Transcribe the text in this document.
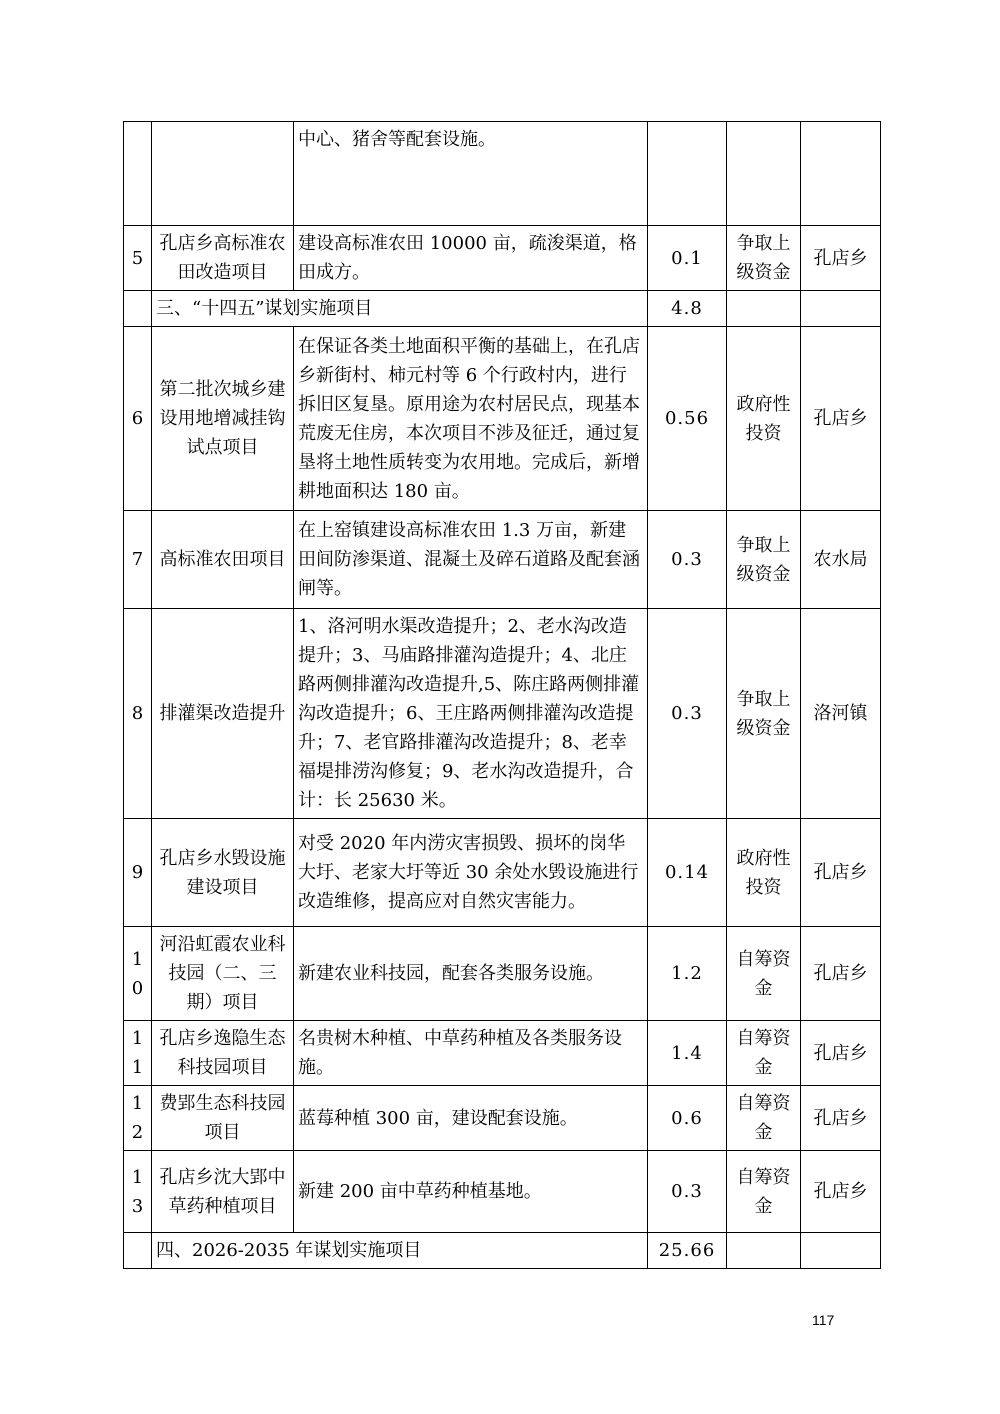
		中心、猪舍等配套设施。			
5	孔店乡高标准农田改造项目	建设高标准农田 10000 亩，疏浚渠道，格田成方。	0.1	争取上级资金	孔店乡
	三、“十四五”谋划实施项目		4.8		
6	第二批次城乡建设用地增减挂钩试点项目	在保证各类土地面积平衡的基础上，在孔店乡新街村、柿元村等 6 个行政村内，进行拆旧区复垦。原用途为农村居民点，现基本荒废无住房，本次项目不涉及征迁，通过复垦将土地性质转变为农用地。完成后，新增耕地面积达 180 亩。	0.56	政府性投资	孔店乡
7	高标准农田项目	在上窑镇建设高标准农田 1.3 万亩，新建田间防渗渠道、混凝土及碎石道路及配套涵闸等。	0.3	争取上级资金	农水局
8	排灌渠改造提升	1、洛河明水渠改造提升；2、老水沟改造提升；3、马庙路排灌沟造提升；4、北庄路两侧排灌沟改造提升,5、陈庄路两侧排灌沟改造提升；6、王庄路两侧排灌沟改造提升；7、老官路排灌沟改造提升；8、老幸福堤排涝沟修复；9、老水沟改造提升，合计：长 25630 米。	0.3	争取上级资金	洛河镇
9	孔店乡水毁设施建设项目	对受 2020 年内涝灾害损毁、损坏的岗华大圩、老家大圩等近 30 余处水毁设施进行改造维修，提高应对自然灾害能力。	0.14	政府性投资	孔店乡
10	河沿虹霞农业科技园（二、三期）项目	新建农业科技园，配套各类服务设施。	1.2	自筹资金	孔店乡
11	孔店乡逸隐生态科技园项目	名贵树木种植、中草药种植及各类服务设施。	1.4	自筹资金	孔店乡
12	费郢生态科技园项目	蓝莓种植 300 亩，建设配套设施。	0.6	自筹资金	孔店乡
13	孔店乡沈大郢中草药种植项目	新建 200 亩中草药种植基地。	0.3	自筹资金	孔店乡
	四、2026-2035 年谋划实施项目		25.66		
117
